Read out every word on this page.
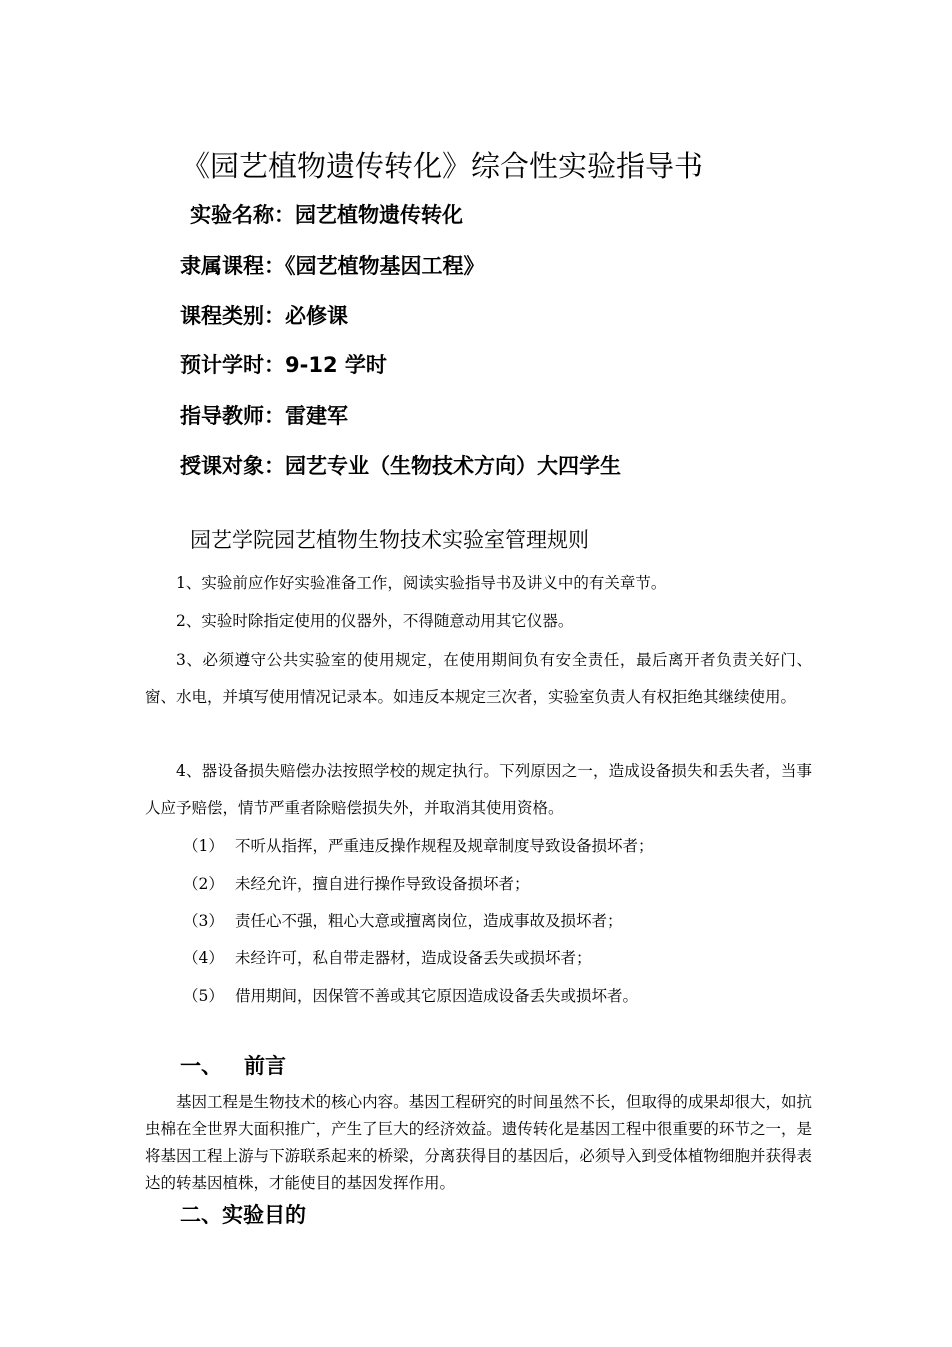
《园艺植物遗传转化》综合性实验指导书
实验名称：园艺植物遗传转化
隶属课程：《园艺植物基因工程》
课程类别：必修课
预计学时：9-12 学时
指导教师：雷建军
授课对象：园艺专业（生物技术方向）大四学生
园艺学院园艺植物生物技术实验室管理规则
1、实验前应作好实验准备工作，阅读实验指导书及讲义中的有关章节。
2、实验时除指定使用的仪器外，不得随意动用其它仪器。
3、必须遵守公共实验室的使用规定，在使用期间负有安全责任，最后离开者负责关好门、窗、水电，并填写使用情况记录本。如违反本规定三次者，实验室负责人有权拒绝其继续使用。
4、器设备损失赔偿办法按照学校的规定执行。下列原因之一，造成设备损失和丢失者，当事人应予赔偿，情节严重者除赔偿损失外，并取消其使用资格。
（1） 不听从指挥，严重违反操作规程及规章制度导致设备损坏者；
（2） 未经允许，擅自进行操作导致设备损坏者；
（3） 责任心不强，粗心大意或擅离岗位，造成事故及损坏者；
（4） 未经许可，私自带走器材，造成设备丢失或损坏者；
（5） 借用期间，因保管不善或其它原因造成设备丢失或损坏者。
一、 前言
基因工程是生物技术的核心内容。基因工程研究的时间虽然不长，但取得的成果却很大，如抗虫棉在全世界大面积推广，产生了巨大的经济效益。遗传转化是基因工程中很重要的环节之一，是将基因工程上游与下游联系起来的桥梁，分离获得目的基因后，必须导入到受体植物细胞并获得表达的转基因植株，才能使目的基因发挥作用。
二、实验目的
